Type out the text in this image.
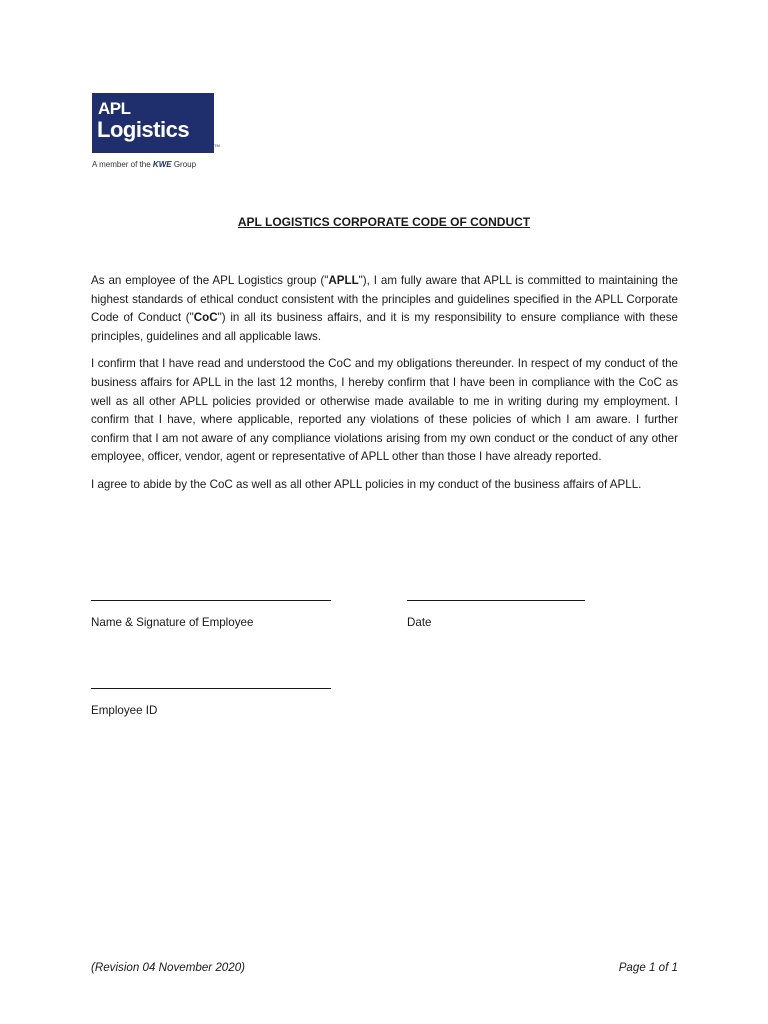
APL
Logistics
TM
A member of the KWE Group
APL LOGISTICS CORPORATE CODE OF CONDUCT

As an employee of the APL Logistics group ("APLL"), I am fully aware that APLL is committed to maintaining the highest standards of ethical conduct consistent with the principles and guidelines specified in the APLL Corporate Code of Conduct ("CoC") in all its business affairs, and it is my responsibility to ensure compliance with these principles, guidelines and all applicable laws.

I confirm that I have read and understood the CoC and my obligations thereunder. In respect of my conduct of the business affairs for APLL in the last 12 months, I hereby confirm that I have been in compliance with the CoC as well as all other APLL policies provided or otherwise made available to me in writing during my employment. I confirm that I have, where applicable, reported any violations of these policies of which I am aware. I further confirm that I am not aware of any compliance violations arising from my own conduct or the conduct of any other employee, officer, vendor, agent or representative of APLL other than those I have already reported.

I agree to abide by the CoC as well as all other APLL policies in my conduct of the business affairs of APLL.

Name & Signature of Employee	Date
Employee ID
(Revision 04 November 2020)	Page 1 of 1
